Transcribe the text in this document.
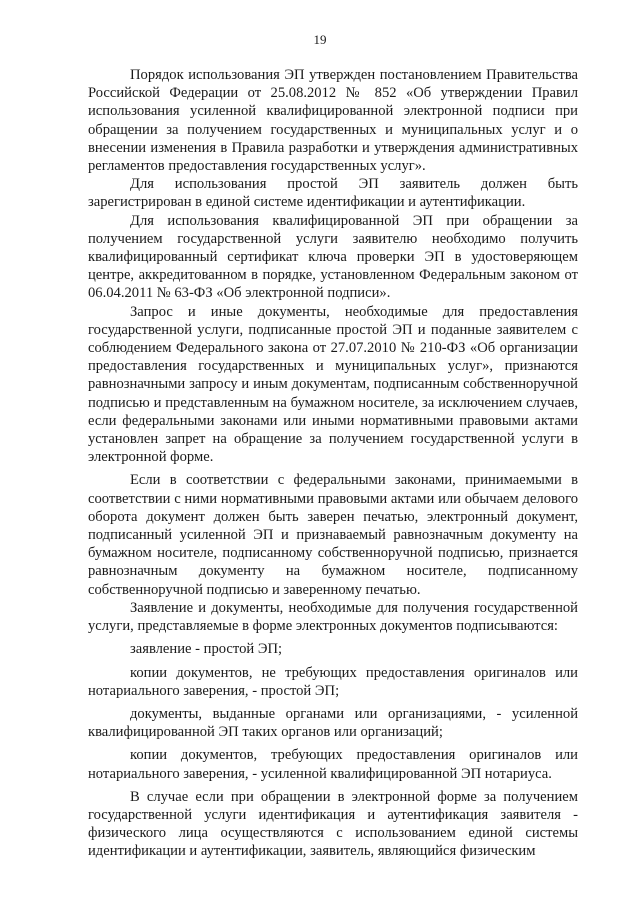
19

Порядок использования ЭП утвержден постановлением Правительства Российской Федерации от 25.08.2012 № 852 «Об утверждении Правил использования усиленной квалифицированной электронной подписи при обращении за получением государственных и муниципальных услуг и о внесении изменения в Правила разработки и утверждения административных регламентов предоставления государственных услуг».

Для использования простой ЭП заявитель должен быть зарегистрирован в единой системе идентификации и аутентификации.

Для использования квалифицированной ЭП при обращении за получением государственной услуги заявителю необходимо получить квалифицированный сертификат ключа проверки ЭП в удостоверяющем центре, аккредитованном в порядке, установленном Федеральным законом от 06.04.2011 № 63-ФЗ «Об электронной подписи».

Запрос и иные документы, необходимые для предоставления государственной услуги, подписанные простой ЭП и поданные заявителем с соблюдением Федерального закона от 27.07.2010 № 210-ФЗ «Об организации предоставления государственных и муниципальных услуг», признаются равнозначными запросу и иным документам, подписанным собственноручной подписью и представленным на бумажном носителе, за исключением случаев, если федеральными законами или иными нормативными правовыми актами установлен запрет на обращение за получением государственной услуги в электронной форме.

Если в соответствии с федеральными законами, принимаемыми в соответствии с ними нормативными правовыми актами или обычаем делового оборота документ должен быть заверен печатью, электронный документ, подписанный усиленной ЭП и признаваемый равнозначным документу на бумажном носителе, подписанному собственноручной подписью, признается равнозначным документу на бумажном носителе, подписанному собственноручной подписью и заверенному печатью.

Заявление и документы, необходимые для получения государственной услуги, представляемые в форме электронных документов подписываются:

заявление - простой ЭП;

копии документов, не требующих предоставления оригиналов или нотариального заверения, - простой ЭП;

документы, выданные органами или организациями, - усиленной квалифицированной ЭП таких органов или организаций;

копии документов, требующих предоставления оригиналов или нотариального заверения, - усиленной квалифицированной ЭП нотариуса.

В случае если при обращении в электронной форме за получением государственной услуги идентификация и аутентификация заявителя - физического лица осуществляются с использованием единой системы идентификации и аутентификации, заявитель, являющийся физическим
